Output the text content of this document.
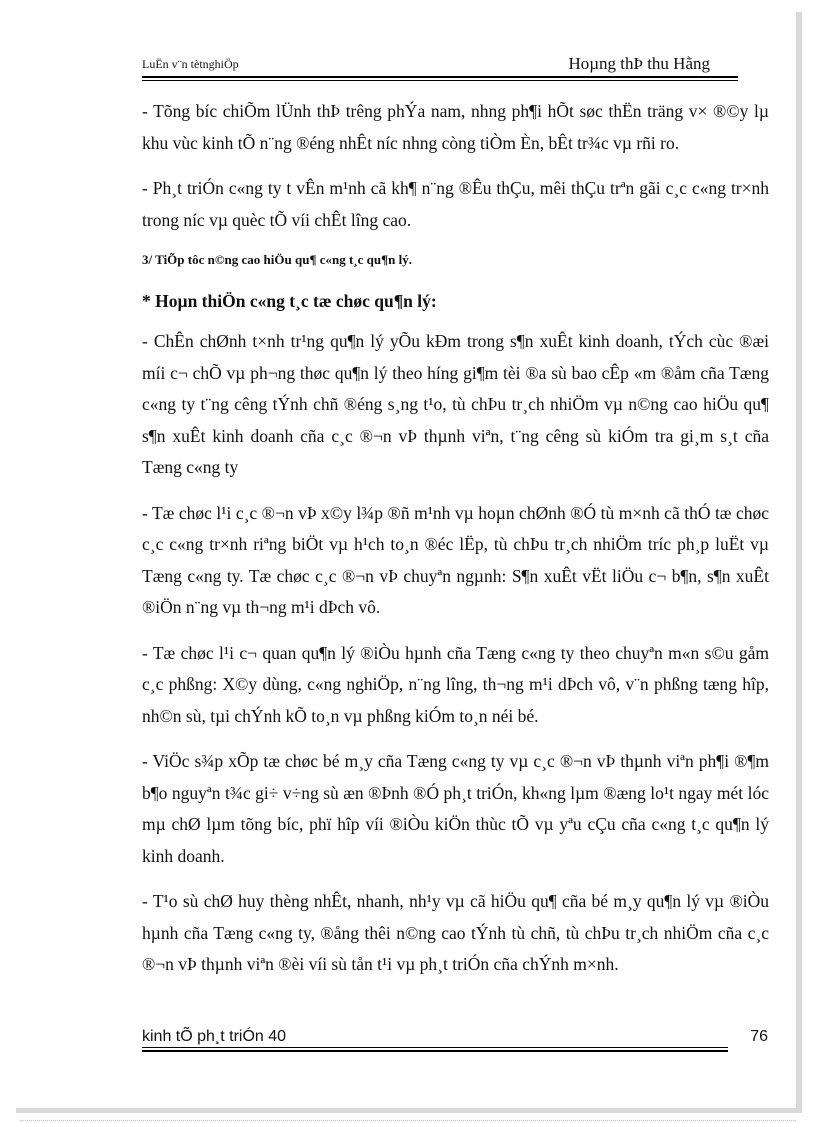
LuËn v¨n tètnghiÖp	Hoµng thÞ thu Hằng

- Tõng bíc chiÕm lÜnh thÞ trêng phÝa nam, nhng ph¶i hÕt søc thËn träng v× ®©y lµ khu vùc kinh tÕ n¨ng ®éng nhÊt níc nhng còng tiÒm Èn, bÊt tr¾c vµ rñi ro.

- Ph¸t triÓn c«ng ty t vÊn m¹nh cã kh¶ n¨ng ®Êu thÇu, mêi thÇu trªn gãi c¸c c«ng tr×nh trong níc vµ quèc tÕ víi chÊt lîng cao.

3/ TiÕp tôc n©ng cao hiÖu qu¶ c«ng t¸c qu¶n lý.
* Hoµn thiÖn c«ng t¸c tæ chøc qu¶n lý:

- ChÊn chØnh t×nh tr¹ng qu¶n lý yÕu kÐm trong s¶n xuÊt kinh doanh, tÝch cùc ®æi míi c¬ chÕ vµ ph¬ng thøc qu¶n lý theo híng gi¶m tèi ®a sù bao cÊp «m ®åm cña Tæng c«ng ty t¨ng cêng tÝnh chñ ®éng s¸ng t¹o, tù chÞu tr¸ch nhiÖm vµ n©ng cao hiÖu qu¶ s¶n xuÊt kinh doanh cña c¸c ®¬n vÞ thµnh viªn, t¨ng cêng sù kiÓm tra gi¸m s¸t cña Tæng c«ng ty

- Tæ chøc l¹i c¸c ®¬n vÞ x©y l¾p ®ñ m¹nh vµ hoµn chØnh ®Ó tù m×nh cã thÓ tæ chøc c¸c c«ng tr×nh riªng biÖt vµ h¹ch to¸n ®éc lËp, tù chÞu tr¸ch nhiÖm tríc ph¸p luËt vµ Tæng c«ng ty. Tæ chøc c¸c ®¬n vÞ chuyªn ngµnh: S¶n xuÊt vËt liÖu c¬ b¶n, s¶n xuÊt ®iÖn n¨ng vµ th¬ng m¹i dÞch vô.

- Tæ chøc l¹i c¬ quan qu¶n lý ®iÒu hµnh cña Tæng c«ng ty theo chuyªn m«n s©u gåm c¸c phßng: X©y dùng, c«ng nghiÖp, n¨ng lîng, th¬ng m¹i dÞch vô, v¨n phßng tæng hîp, nh©n sù, tµi chÝnh kÕ to¸n vµ phßng kiÓm to¸n néi bé.

- ViÖc s¾p xÕp tæ chøc bé m¸y cña Tæng c«ng ty vµ c¸c ®¬n vÞ thµnh viªn ph¶i ®¶m b¶o nguyªn t¾c gi÷ v÷ng sù æn ®Þnh ®Ó ph¸t triÓn, kh«ng lµm ®æng lo¹t ngay mét lóc mµ chØ lµm tõng bíc, phï hîp víi ®iÒu kiÖn thùc tÕ vµ yªu cÇu cña c«ng t¸c qu¶n lý kinh doanh.

- T¹o sù chØ huy thèng nhÊt, nhanh, nh¹y vµ cã hiÖu qu¶ cña bé m¸y qu¶n lý vµ ®iÒu hµnh cña Tæng c«ng ty, ®ång thêi n©ng cao tÝnh tù chñ, tù chÞu tr¸ch nhiÖm cña c¸c ®¬n vÞ thµnh viªn ®èi víi sù tån t¹i vµ ph¸t triÓn cña chÝnh m×nh.

kinh tÕ ph¸t triÓn 40	76
